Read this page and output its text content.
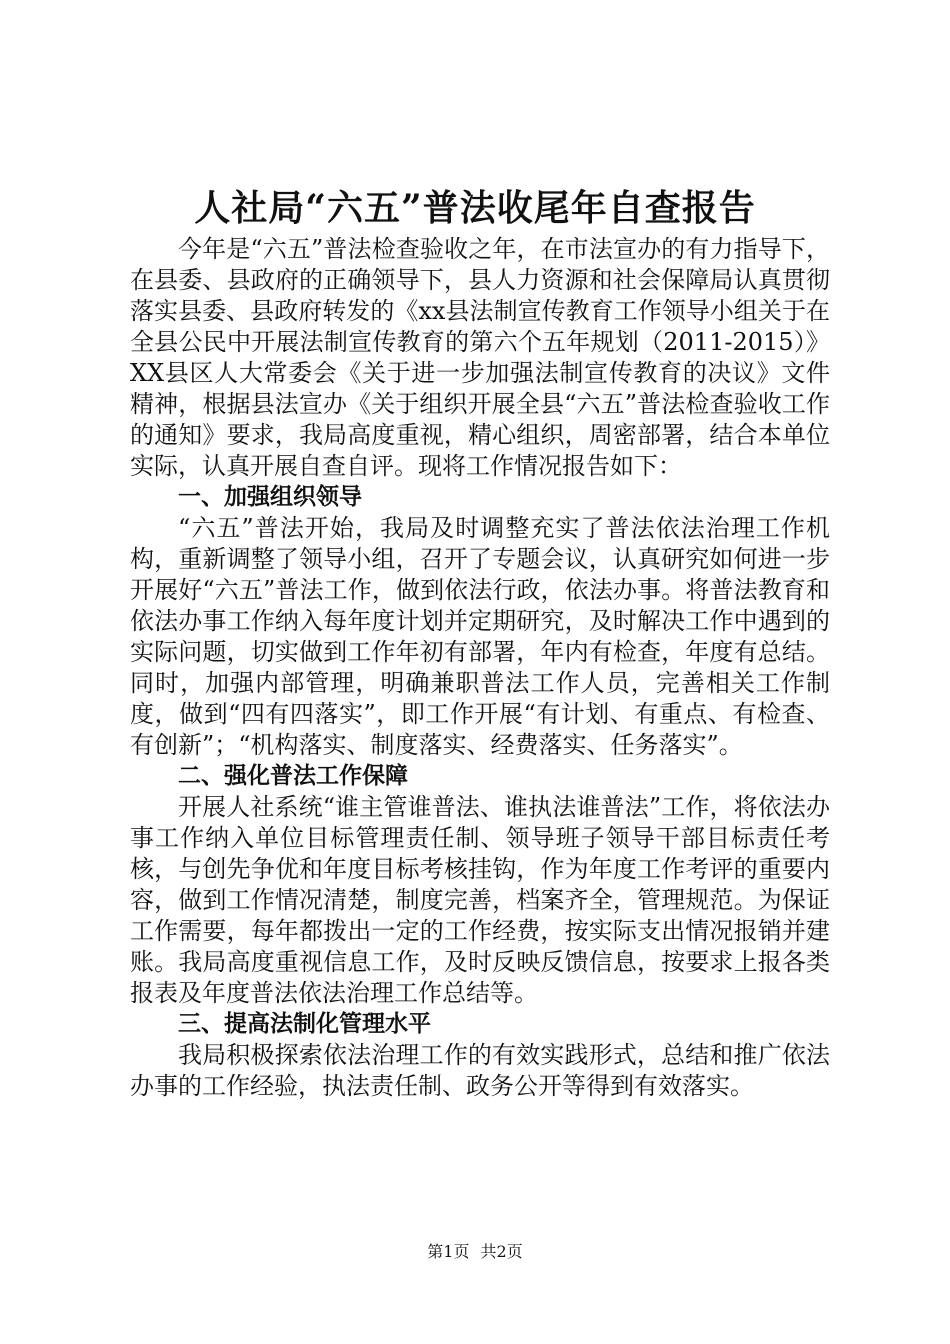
人社局“六五”普法收尾年自查报告

今年是“六五”普法检查验收之年，在市法宣办的有力指导下，在县委、县政府的正确领导下，县人力资源和社会保障局认真贯彻落实县委、县政府转发的《xx县法制宣传教育工作领导小组关于在全县公民中开展法制宣传教育的第六个五年规划（2011-2015）》XX县区人大常委会《关于进一步加强法制宣传教育的决议》文件精神，根据县法宣办《关于组织开展全县“六五”普法检查验收工作的通知》要求，我局高度重视，精心组织，周密部署，结合本单位实际，认真开展自查自评。现将工作情况报告如下：

一、加强组织领导

“六五”普法开始，我局及时调整充实了普法依法治理工作机构，重新调整了领导小组，召开了专题会议，认真研究如何进一步开展好“六五”普法工作，做到依法行政，依法办事。将普法教育和依法办事工作纳入每年度计划并定期研究，及时解决工作中遇到的实际问题，切实做到工作年初有部署，年内有检查，年度有总结。同时，加强内部管理，明确兼职普法工作人员，完善相关工作制度，做到“四有四落实”，即工作开展“有计划、有重点、有检查、有创新”；“机构落实、制度落实、经费落实、任务落实”。

二、强化普法工作保障

开展人社系统“谁主管谁普法、谁执法谁普法”工作，将依法办事工作纳入单位目标管理责任制、领导班子领导干部目标责任考核，与创先争优和年度目标考核挂钩，作为年度工作考评的重要内容，做到工作情况清楚，制度完善，档案齐全，管理规范。为保证工作需要，每年都拨出一定的工作经费，按实际支出情况报销并建账。我局高度重视信息工作，及时反映反馈信息，按要求上报各类报表及年度普法依法治理工作总结等。

三、提高法制化管理水平

我局积极探索依法治理工作的有效实践形式，总结和推广依法办事的工作经验，执法责任制、政务公开等得到有效落实。

第1页 共2页
